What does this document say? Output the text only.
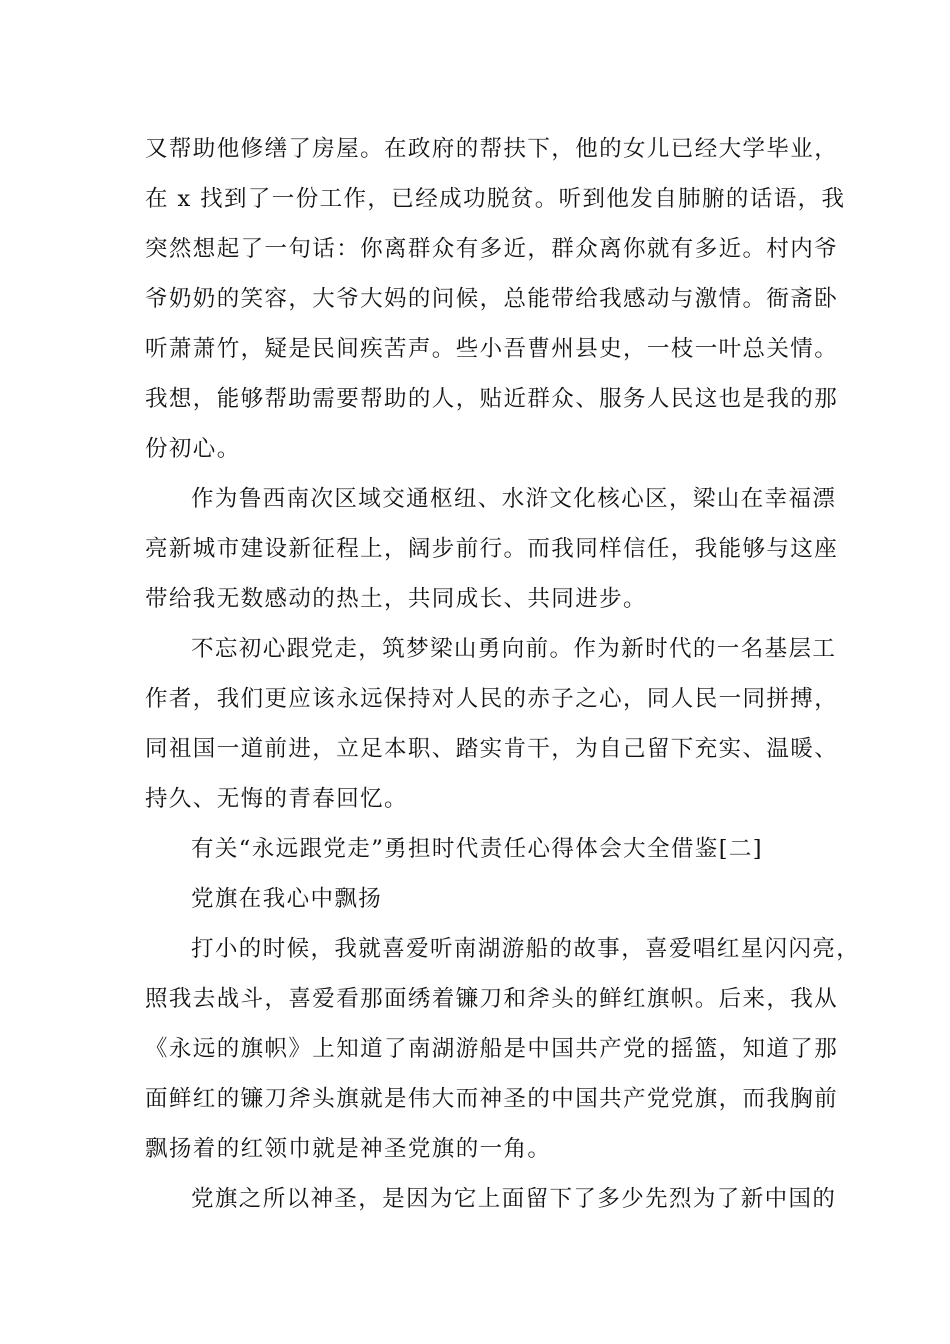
又帮助他修缮了房屋。在政府的帮扶下，他的女儿已经大学毕业，
在 x 找到了一份工作，已经成功脱贫。听到他发自肺腑的话语，我
突然想起了一句话：你离群众有多近，群众离你就有多近。村内爷
爷奶奶的笑容，大爷大妈的问候，总能带给我感动与激情。衙斋卧
听萧萧竹，疑是民间疾苦声。些小吾曹州县史，一枝一叶总关情。
我想，能够帮助需要帮助的人，贴近群众、服务人民这也是我的那
份初心。
作为鲁西南次区域交通枢纽、水浒文化核心区，梁山在幸福漂
亮新城市建设新征程上，阔步前行。而我同样信任，我能够与这座
带给我无数感动的热土，共同成长、共同进步。
不忘初心跟党走，筑梦梁山勇向前。作为新时代的一名基层工
作者，我们更应该永远保持对人民的赤子之心，同人民一同拼搏，
同祖国一道前进，立足本职、踏实肯干，为自己留下充实、温暖、
持久、无悔的青春回忆。
有关“永远跟党走”勇担时代责任心得体会大全借鉴[二]
党旗在我心中飘扬
打小的时候，我就喜爱听南湖游船的故事，喜爱唱红星闪闪亮，
照我去战斗，喜爱看那面绣着镰刀和斧头的鲜红旗帜。后来，我从
《永远的旗帜》上知道了南湖游船是中国共产党的摇篮，知道了那
面鲜红的镰刀斧头旗就是伟大而神圣的中国共产党党旗，而我胸前
飘扬着的红领巾就是神圣党旗的一角。
党旗之所以神圣，是因为它上面留下了多少先烈为了新中国的
